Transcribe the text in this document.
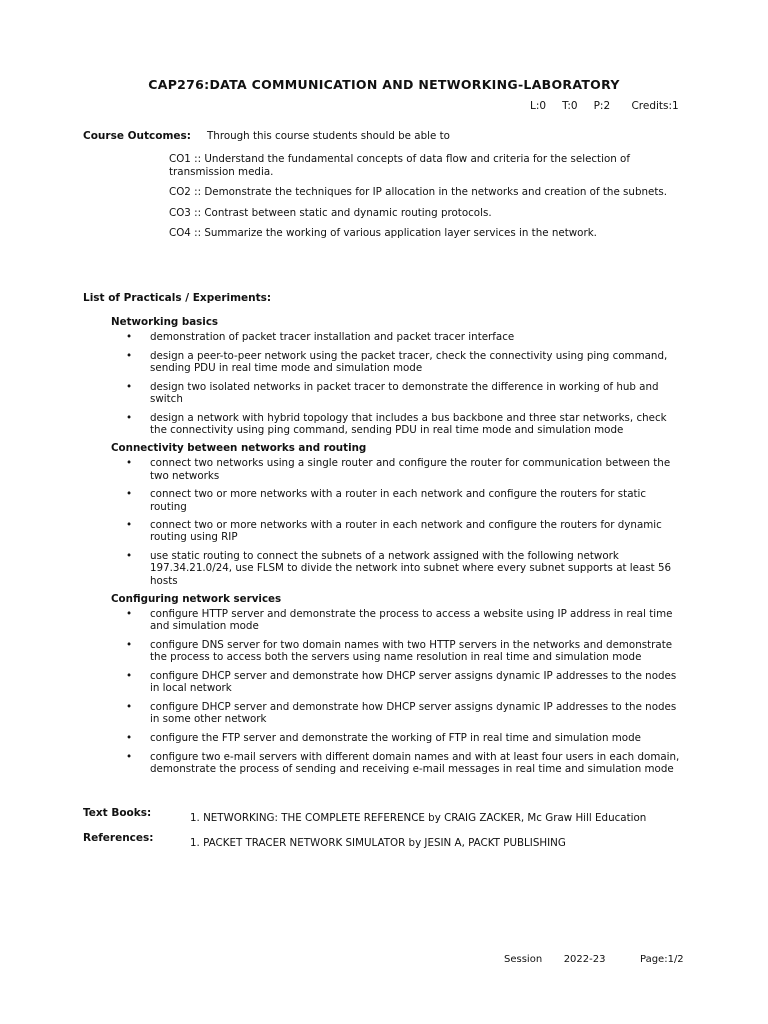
CAP276:DATA COMMUNICATION AND NETWORKING-LABORATORY
L:0   T:0   P:2    Credits:1
Course Outcomes: Through this course students should be able to
CO1 :: Understand the fundamental concepts of data flow and criteria for the selection of transmission media.
CO2 :: Demonstrate the techniques for IP allocation in the networks and creation of the subnets.
CO3 :: Contrast between static and dynamic routing protocols.
CO4 :: Summarize the working of various application layer services in the network.
List of Practicals / Experiments:
Networking basics
• demonstration of packet tracer installation and packet tracer interface
• design a peer-to-peer network using the packet tracer, check the connectivity using ping command, sending PDU in real time mode and simulation mode
• design two isolated networks in packet tracer to demonstrate the difference in working of hub and switch
• design a network with hybrid topology that includes a bus backbone and three star networks, check the connectivity using ping command, sending PDU in real time mode and simulation mode
Connectivity between networks and routing
• connect two networks using a single router and configure the router for communication between the two networks
• connect two or more networks with a router in each network and configure the routers for static routing
• connect two or more networks with a router in each network and configure the routers for dynamic routing using RIP
• use static routing to connect the subnets of a network assigned with the following network 197.34.21.0/24, use FLSM to divide the network into subnet where every subnet supports at least 56 hosts
Configuring network services
• configure HTTP server and demonstrate the process to access a website using IP address in real time and simulation mode
• configure DNS server for two domain names with two HTTP servers in the networks and demonstrate the process to access both the servers using name resolution in real time and simulation mode
• configure DHCP server and demonstrate how DHCP server assigns dynamic IP addresses to the nodes in local network
• configure DHCP server and demonstrate how DHCP server assigns dynamic IP addresses to the nodes in some other network
• configure the FTP server and demonstrate the working of FTP in real time and simulation mode
• configure two e-mail servers with different domain names and with at least four users in each domain, demonstrate the process of sending and receiving e-mail messages in real time and simulation mode
Text Books:	1. NETWORKING: THE COMPLETE REFERENCE by CRAIG ZACKER, Mc Graw Hill Education
References:	1. PACKET TRACER NETWORK SIMULATOR by JESIN A, PACKT PUBLISHING
Session   2022-23	Page:1/2
